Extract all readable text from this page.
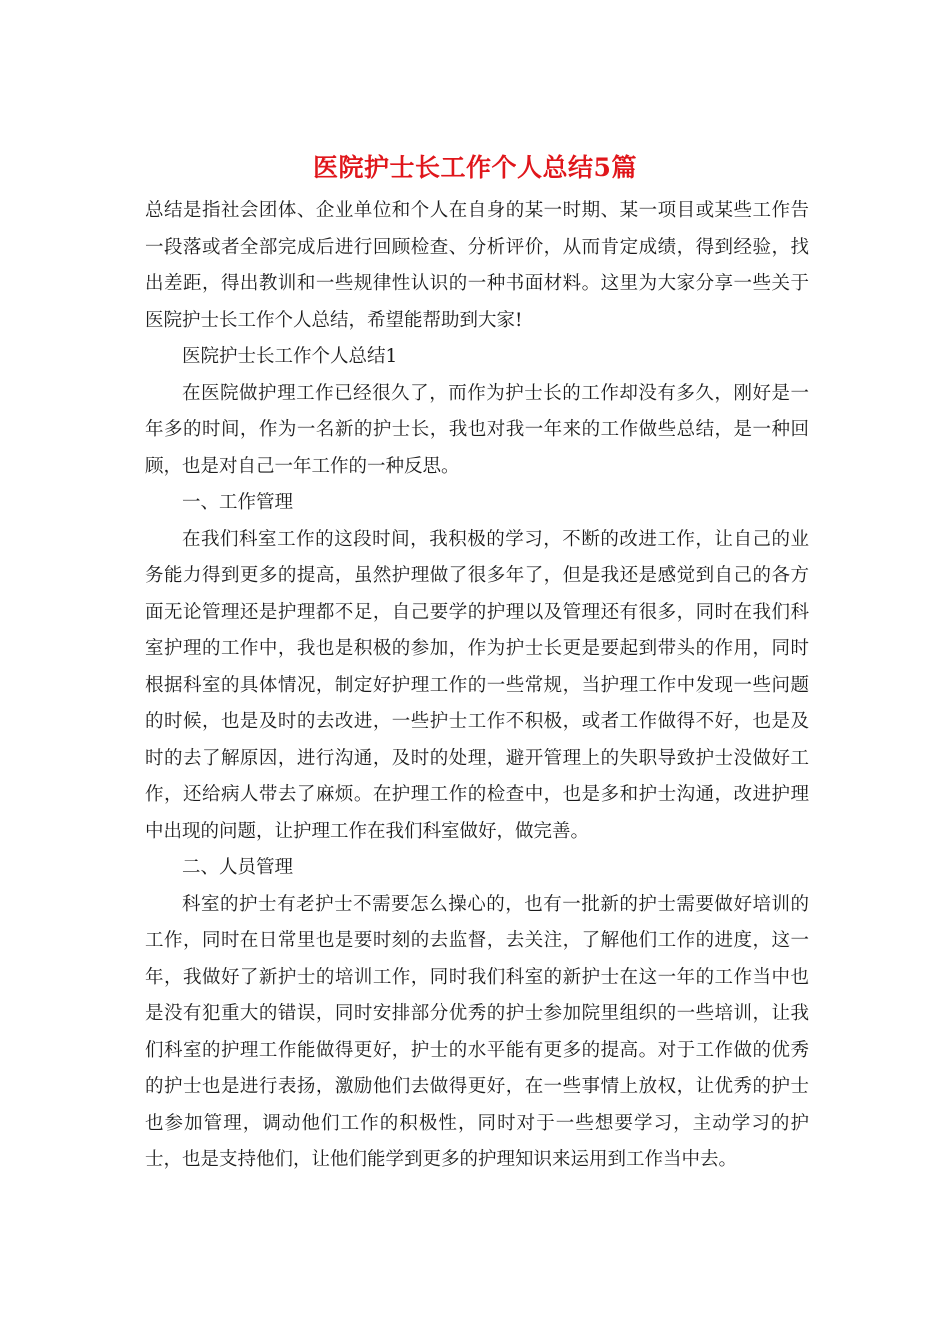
医院护士长工作个人总结5篇

总结是指社会团体、企业单位和个人在自身的某一时期、某一项目或某些工作告一段落或者全部完成后进行回顾检查、分析评价，从而肯定成绩，得到经验，找出差距，得出教训和一些规律性认识的一种书面材料。这里为大家分享一些关于医院护士长工作个人总结，希望能帮助到大家!

医院护士长工作个人总结1

在医院做护理工作已经很久了，而作为护士长的工作却没有多久，刚好是一年多的时间，作为一名新的护士长，我也对我一年来的工作做些总结，是一种回顾，也是对自己一年工作的一种反思。

一、工作管理

在我们科室工作的这段时间，我积极的学习，不断的改进工作，让自己的业务能力得到更多的提高，虽然护理做了很多年了，但是我还是感觉到自己的各方面无论管理还是护理都不足，自己要学的护理以及管理还有很多，同时在我们科室护理的工作中，我也是积极的参加，作为护士长更是要起到带头的作用，同时根据科室的具体情况，制定好护理工作的一些常规，当护理工作中发现一些问题的时候，也是及时的去改进，一些护士工作不积极，或者工作做得不好，也是及时的去了解原因，进行沟通，及时的处理，避开管理上的失职导致护士没做好工作，还给病人带去了麻烦。在护理工作的检查中，也是多和护士沟通，改进护理中出现的问题，让护理工作在我们科室做好，做完善。

二、人员管理

科室的护士有老护士不需要怎么操心的，也有一批新的护士需要做好培训的工作，同时在日常里也是要时刻的去监督，去关注，了解他们工作的进度，这一年，我做好了新护士的培训工作，同时我们科室的新护士在这一年的工作当中也是没有犯重大的错误，同时安排部分优秀的护士参加院里组织的一些培训，让我们科室的护理工作能做得更好，护士的水平能有更多的提高。对于工作做的优秀的护士也是进行表扬，激励他们去做得更好，在一些事情上放权，让优秀的护士也参加管理，调动他们工作的积极性，同时对于一些想要学习，主动学习的护士，也是支持他们，让他们能学到更多的护理知识来运用到工作当中去。
